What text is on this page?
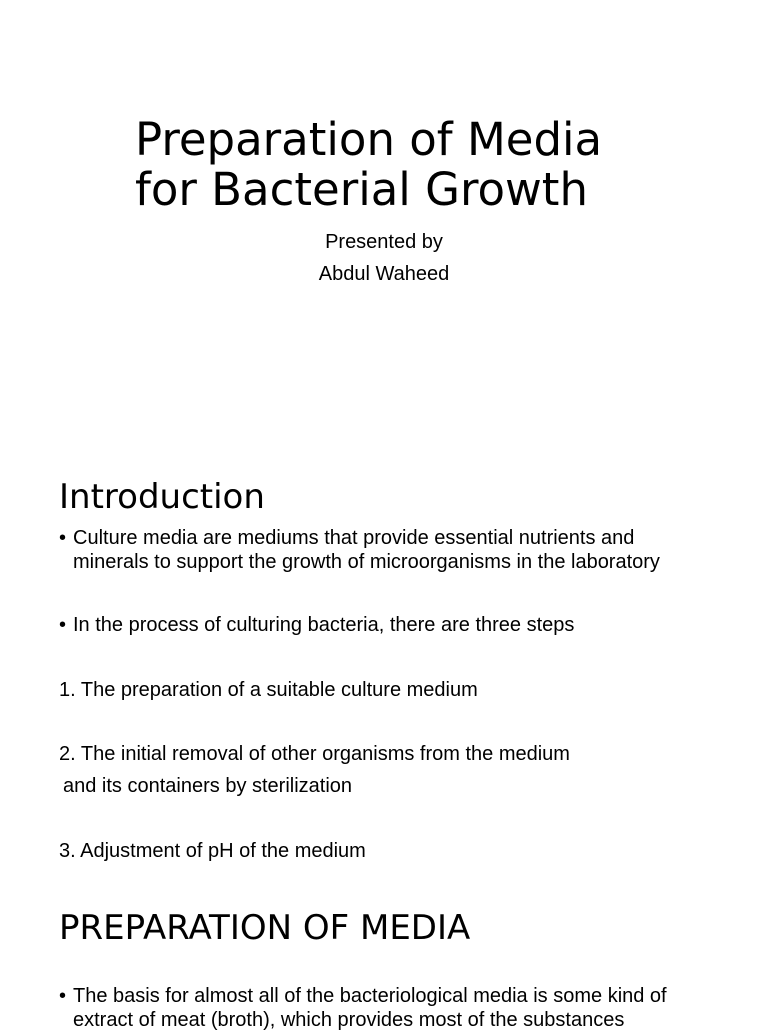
Preparation of Media
for Bacterial Growth
Presented by
Abdul Waheed
Introduction
• Culture media are mediums that provide essential nutrients and
minerals to support the growth of microorganisms in the laboratory
• In the process of culturing bacteria, there are three steps
1. The preparation of a suitable culture medium
2. The initial removal of other organisms from the medium
and its containers by sterilization
3. Adjustment of pH of the medium
PREPARATION OF MEDIA
• The basis for almost all of the bacteriological media is some kind of
extract of meat (broth), which provides most of the substances
